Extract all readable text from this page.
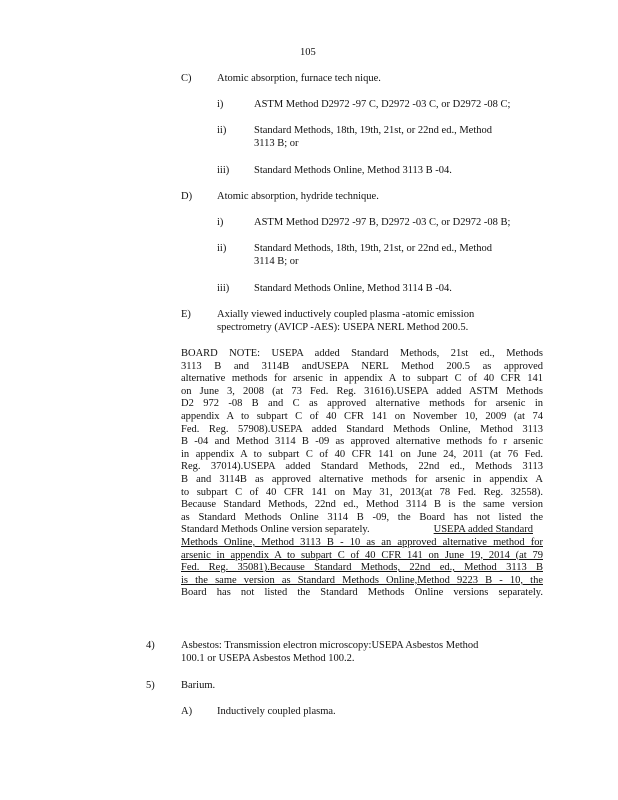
105
C) Atomic absorption, furnace tech nique.
i)	ASTM Method D2972 -97 C, D2972 -03 C, or D2972 -08 C;
ii)	Standard Methods, 18th, 19th, 21st, or 22nd ed., Method
3113 B; or
iii) Standard Methods Online, Method 3113 B -04.
D) Atomic absorption, hydride technique.
i)	ASTM Method D2972 -97 B, D2972 -03 C, or D2972 -08 B;
ii)	Standard Methods, 18th, 19th, 21st, or 22nd ed., Method
3114 B; or
iii) Standard Methods Online, Method 3114 B -04.
E) Axially viewed inductively coupled plasma -atomic emission
spectrometry (AVICP -AES): USEPA NERL Method 200.5.
BOARD NOTE: USEPA added Standard Methods, 21st ed., Methods
3113 B and 3114B andUSEPA NERL Method 200.5 as approved
alternative methods for arsenic in appendix A to subpart C of 40 CFR 141
on June 3, 2008 (at 73 Fed. Reg. 31616).USEPA added ASTM Methods
D2 972 -08 B and C as approved alternative methods for arsenic in
appendix A to subpart C of 40 CFR 141 on November 10, 2009 (at 74
Fed. Reg. 57908).USEPA added Standard Methods Online, Method 3113
B -04 and Method 3114 B -09 as approved alternative methods fo r arsenic
in appendix A to subpart C of 40 CFR 141 on June 24, 2011 (at 76 Fed.
Reg. 37014).USEPA added Standard Methods, 22nd ed., Methods 3113
B and 3114B as approved alternative methods for arsenic in appendix A
to subpart C of 40 CFR 141 on May 31, 2013(at 78 Fed. Reg. 32558).
Because Standard Methods, 22nd ed., Method 3114 B is the same version
as Standard Methods Online 3114 B -09, the Board has not listed the
Standard Methods Online version separately.	USEPA added Standard
Methods Online, Method 3113 B - 10 as an approved alternative method for
arsenic in appendix A to subpart C of 40 CFR 141 on June 19, 2014 (at 79
Fed. Reg. 35081).Because Standard Methods, 22nd ed., Method 3113 B
is the same version as Standard Methods Online,Method 9223 B - 10, the
Board has not listed the Standard Methods Online versions separately.
4)	Asbestos: Transmission electron microscopy:USEPA Asbestos Method
100.1 or USEPA Asbestos Method 100.2.
5)	Barium.
A) Inductively coupled plasma.
